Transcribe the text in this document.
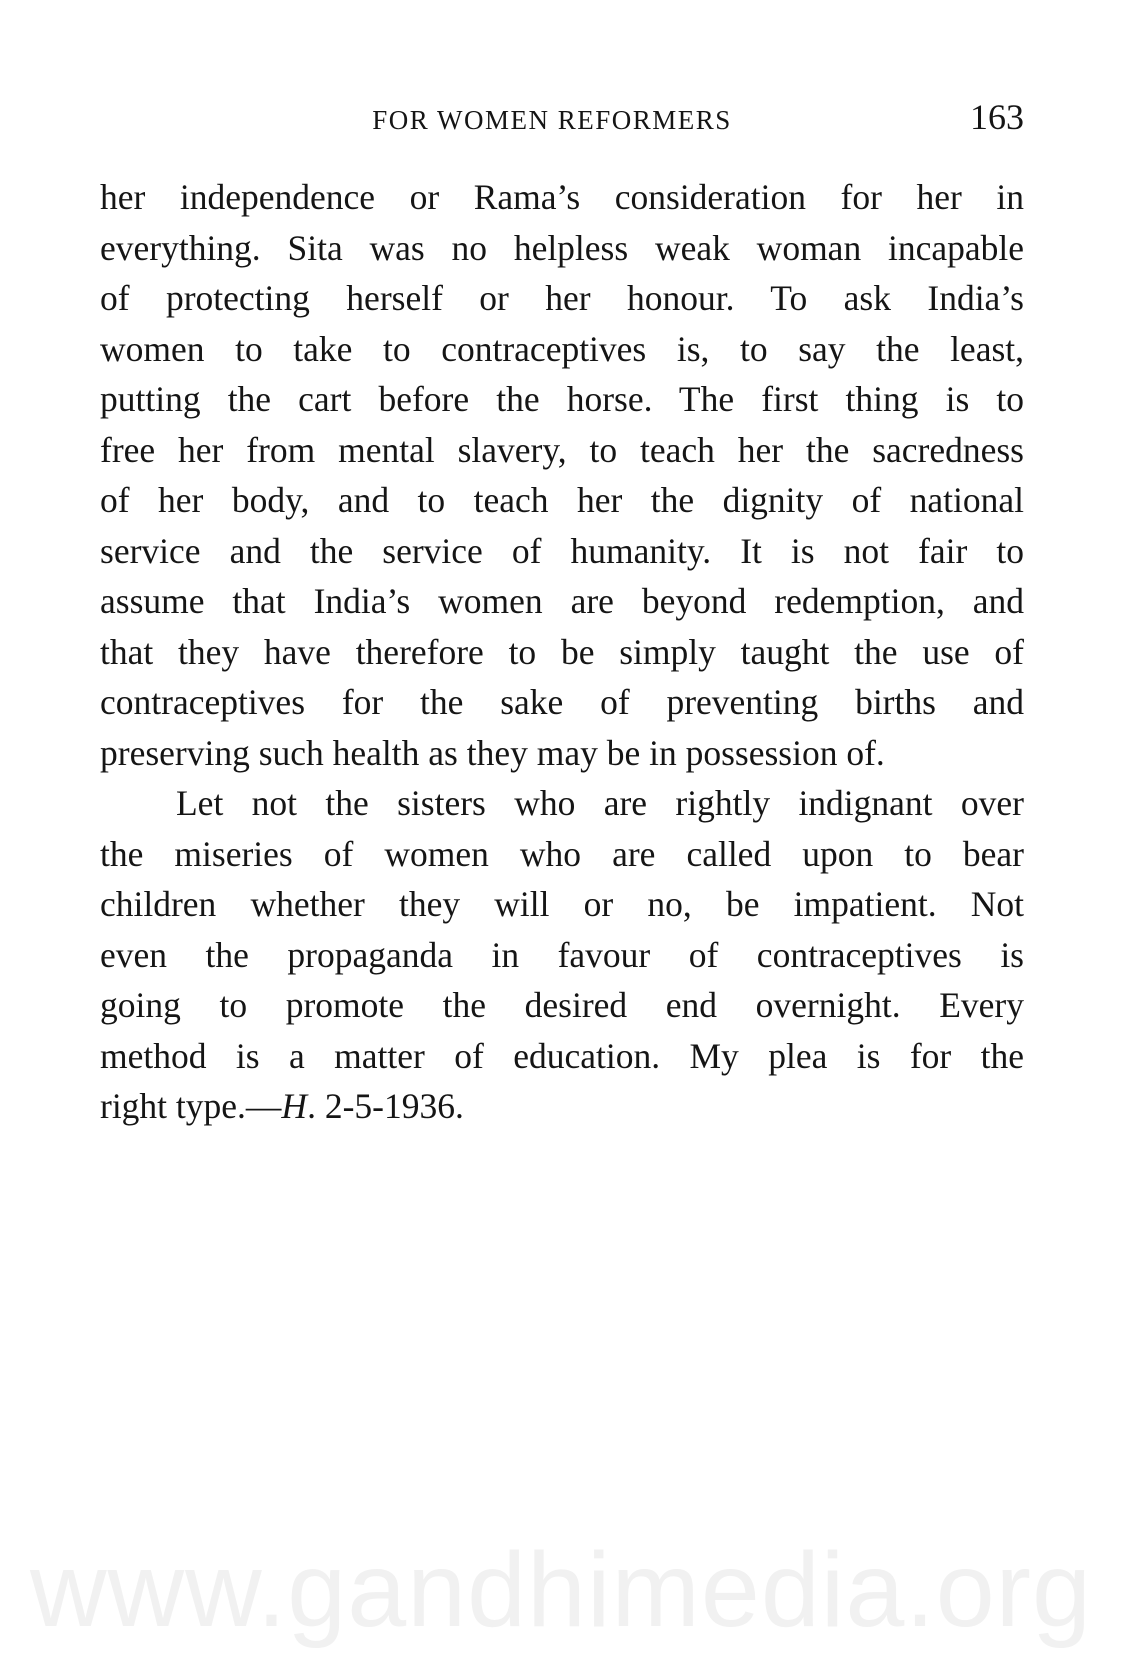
FOR WOMEN REFORMERS	163
her independence or Rama’s consideration for her in
everything. Sita was no helpless weak woman incapable
of protecting herself or her honour. To ask India’s
women to take to contraceptives is, to say the least,
putting the cart before the horse. The first thing is to
free her from mental slavery, to teach her the sacredness
of her body, and to teach her the dignity of national
service and the service of humanity. It is not fair to
assume that India’s women are beyond redemption, and
that they have therefore to be simply taught the use of
contraceptives for the sake of preventing births and
preserving such health as they may be in possession of.
Let not the sisters who are rightly indignant over
the miseries of women who are called upon to bear
children whether they will or no, be impatient. Not
even the propaganda in favour of contraceptives is
going to promote the desired end overnight. Every
method is a matter of education. My plea is for the
right type.—H. 2-5-1936.
www.gandhimedia.org
